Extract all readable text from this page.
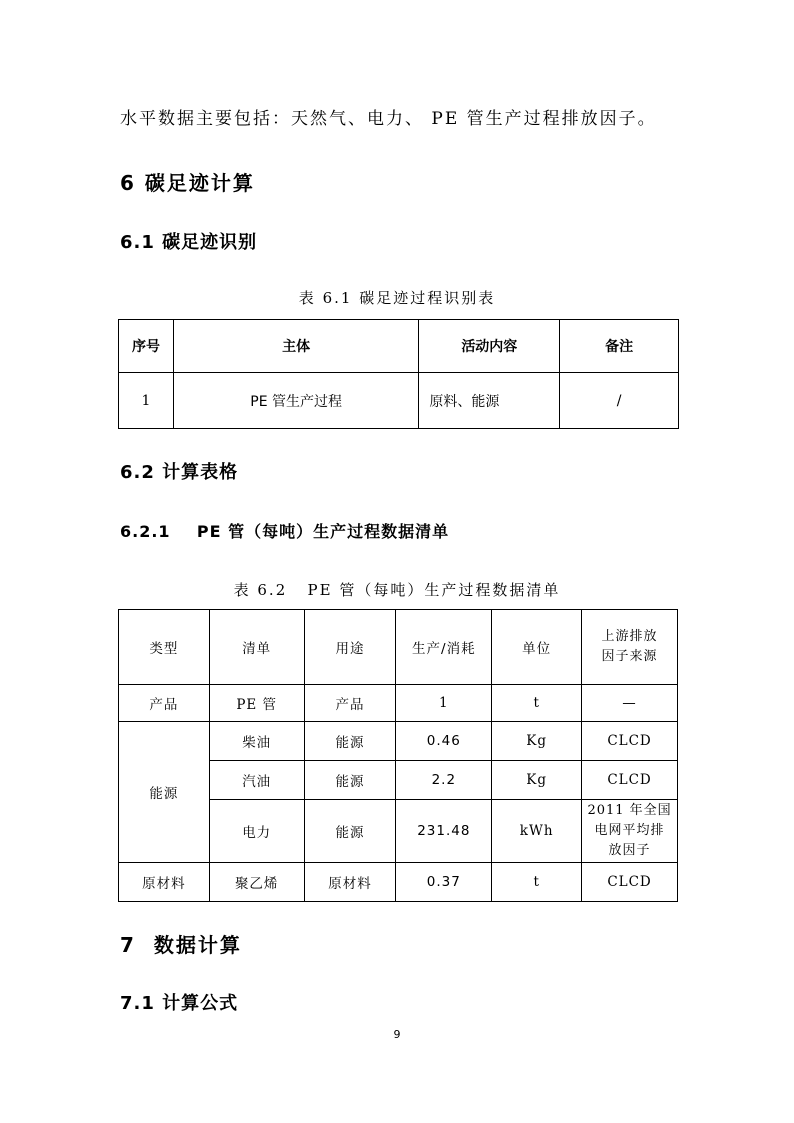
水平数据主要包括：天然气、电力、 PE 管生产过程排放因子。
6 碳足迹计算
6.1 碳足迹识别
表 6.1 碳足迹过程识别表
序号	主体	活动内容	备注
1	PE 管生产过程	原料、能源	/
6.2 计算表格
6.2.1    PE 管（每吨）生产过程数据清单
表 6.2   PE 管（每吨）生产过程数据清单
类型	清单	用途	生产/消耗	单位	上游排放
因子来源

产品	PE 管	产品	1	t	—
能源	柴油	能源	0.46	Kg	CLCD
	汽油	能源	2.2	Kg	CLCD
	电力	能源	231.48	kWh	2011 年全国
电网平均排
放因子

原材料	聚乙烯	原材料	0.37	t	CLCD
7  数据计算
7.1 计算公式
9
